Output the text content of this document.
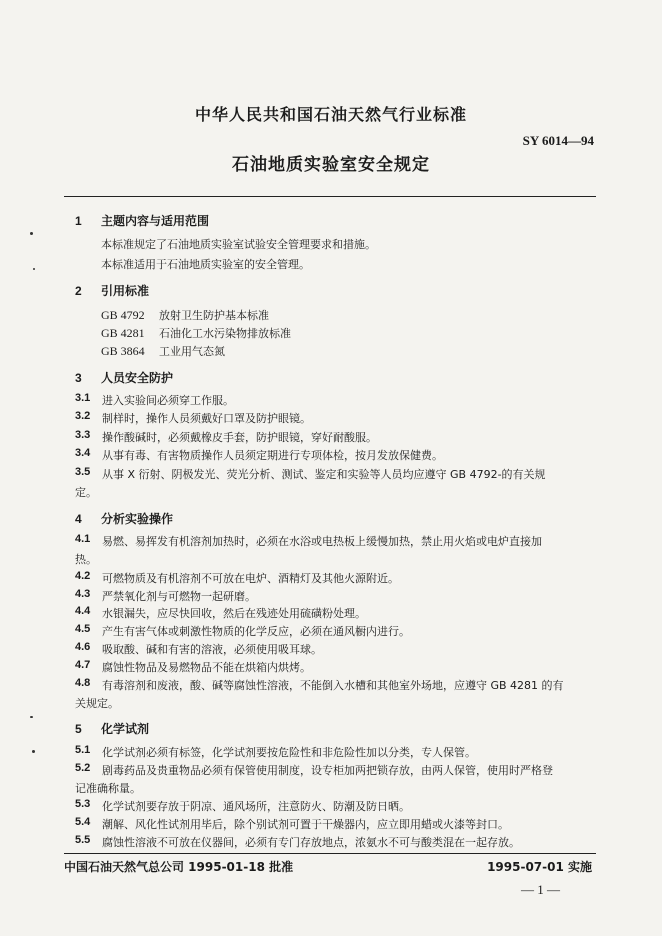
中华人民共和国石油天然气行业标准
SY 6014—94
石油地质实验室安全规定
1 主题内容与适用范围
本标准规定了石油地质实验室试验安全管理要求和措施。
本标准适用于石油地质实验室的安全管理。
2 引用标准
GB 4792 放射卫生防护基本标准
GB 4281 石油化工水污染物排放标准
GB 3864 工业用气态氮
3 人员安全防护
3.1 进入实验间必须穿工作服。
3.2 制样时，操作人员须戴好口罩及防护眼镜。
3.3 操作酸碱时，必须戴橡皮手套，防护眼镜，穿好耐酸服。
3.4 从事有毒、有害物质操作人员须定期进行专项体检，按月发放保健费。
3.5 从事 X 衍射、阴极发光、荧光分析、测试、鉴定和实验等人员均应遵守 GB 4792-的有关规
定。
4 分析实验操作
4.1 易燃、易挥发有机溶剂加热时，必须在水浴或电热板上缓慢加热，禁止用火焰或电炉直接加
热。
4.2 可燃物质及有机溶剂不可放在电炉、酒精灯及其他火源附近。
4.3 严禁氧化剂与可燃物一起研磨。
4.4 水银漏失，应尽快回收，然后在残迹处用硫磺粉处理。
4.5 产生有害气体或刺激性物质的化学反应，必须在通风橱内进行。
4.6 吸取酸、碱和有害的溶液，必须使用吸耳球。
4.7 腐蚀性物品及易燃物品不能在烘箱内烘烤。
4.8 有毒溶剂和废液，酸、碱等腐蚀性溶液，不能倒入水槽和其他室外场地，应遵守 GB 4281 的有
关规定。
5 化学试剂
5.1 化学试剂必须有标签，化学试剂要按危险性和非危险性加以分类，专人保管。
5.2 剧毒药品及贵重物品必须有保管使用制度，设专柜加两把锁存放，由两人保管，使用时严格登
记准确称量。
5.3 化学试剂要存放于阴凉、通风场所，注意防火、防潮及防日晒。
5.4 潮解、风化性试剂用毕后，除个别试剂可置于干燥器内，应立即用蜡或火漆等封口。
5.5 腐蚀性溶液不可放在仪器间，必须有专门存放地点，浓氨水不可与酸类混在一起存放。
中国石油天然气总公司 1995-01-18 批准	1995-07-01 实施
— 1 —
